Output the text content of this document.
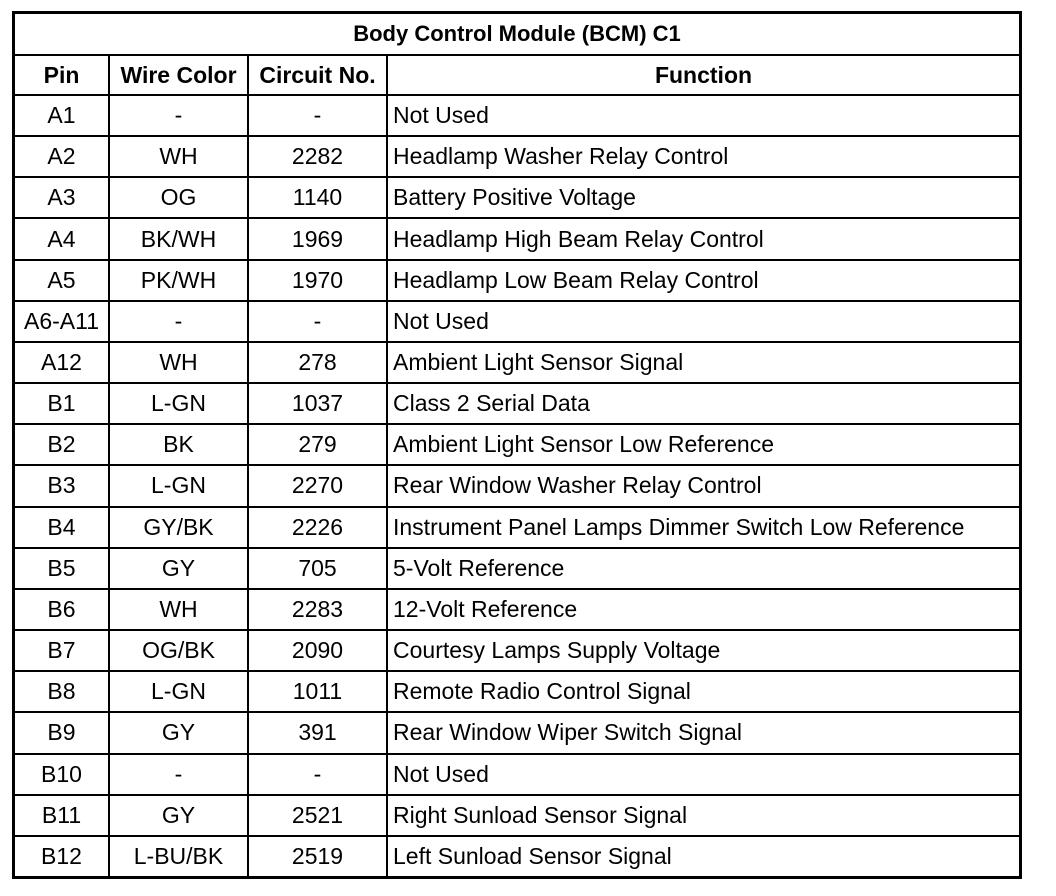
Body Control Module (BCM) C1			
Pin	Wire Color	Circuit No.	Function
A1	-	-	Not Used
A2	WH	2282	Headlamp Washer Relay Control
A3	OG	1140	Battery Positive Voltage
A4	BK/WH	1969	Headlamp High Beam Relay Control
A5	PK/WH	1970	Headlamp Low Beam Relay Control
A6-A11	-	-	Not Used
A12	WH	278	Ambient Light Sensor Signal
B1	L-GN	1037	Class 2 Serial Data
B2	BK	279	Ambient Light Sensor Low Reference
B3	L-GN	2270	Rear Window Washer Relay Control
B4	GY/BK	2226	Instrument Panel Lamps Dimmer Switch Low Reference
B5	GY	705	5-Volt Reference
B6	WH	2283	12-Volt Reference
B7	OG/BK	2090	Courtesy Lamps Supply Voltage
B8	L-GN	1011	Remote Radio Control Signal
B9	GY	391	Rear Window Wiper Switch Signal
B10	-	-	Not Used
B11	GY	2521	Right Sunload Sensor Signal
B12	L-BU/BK	2519	Left Sunload Sensor Signal
